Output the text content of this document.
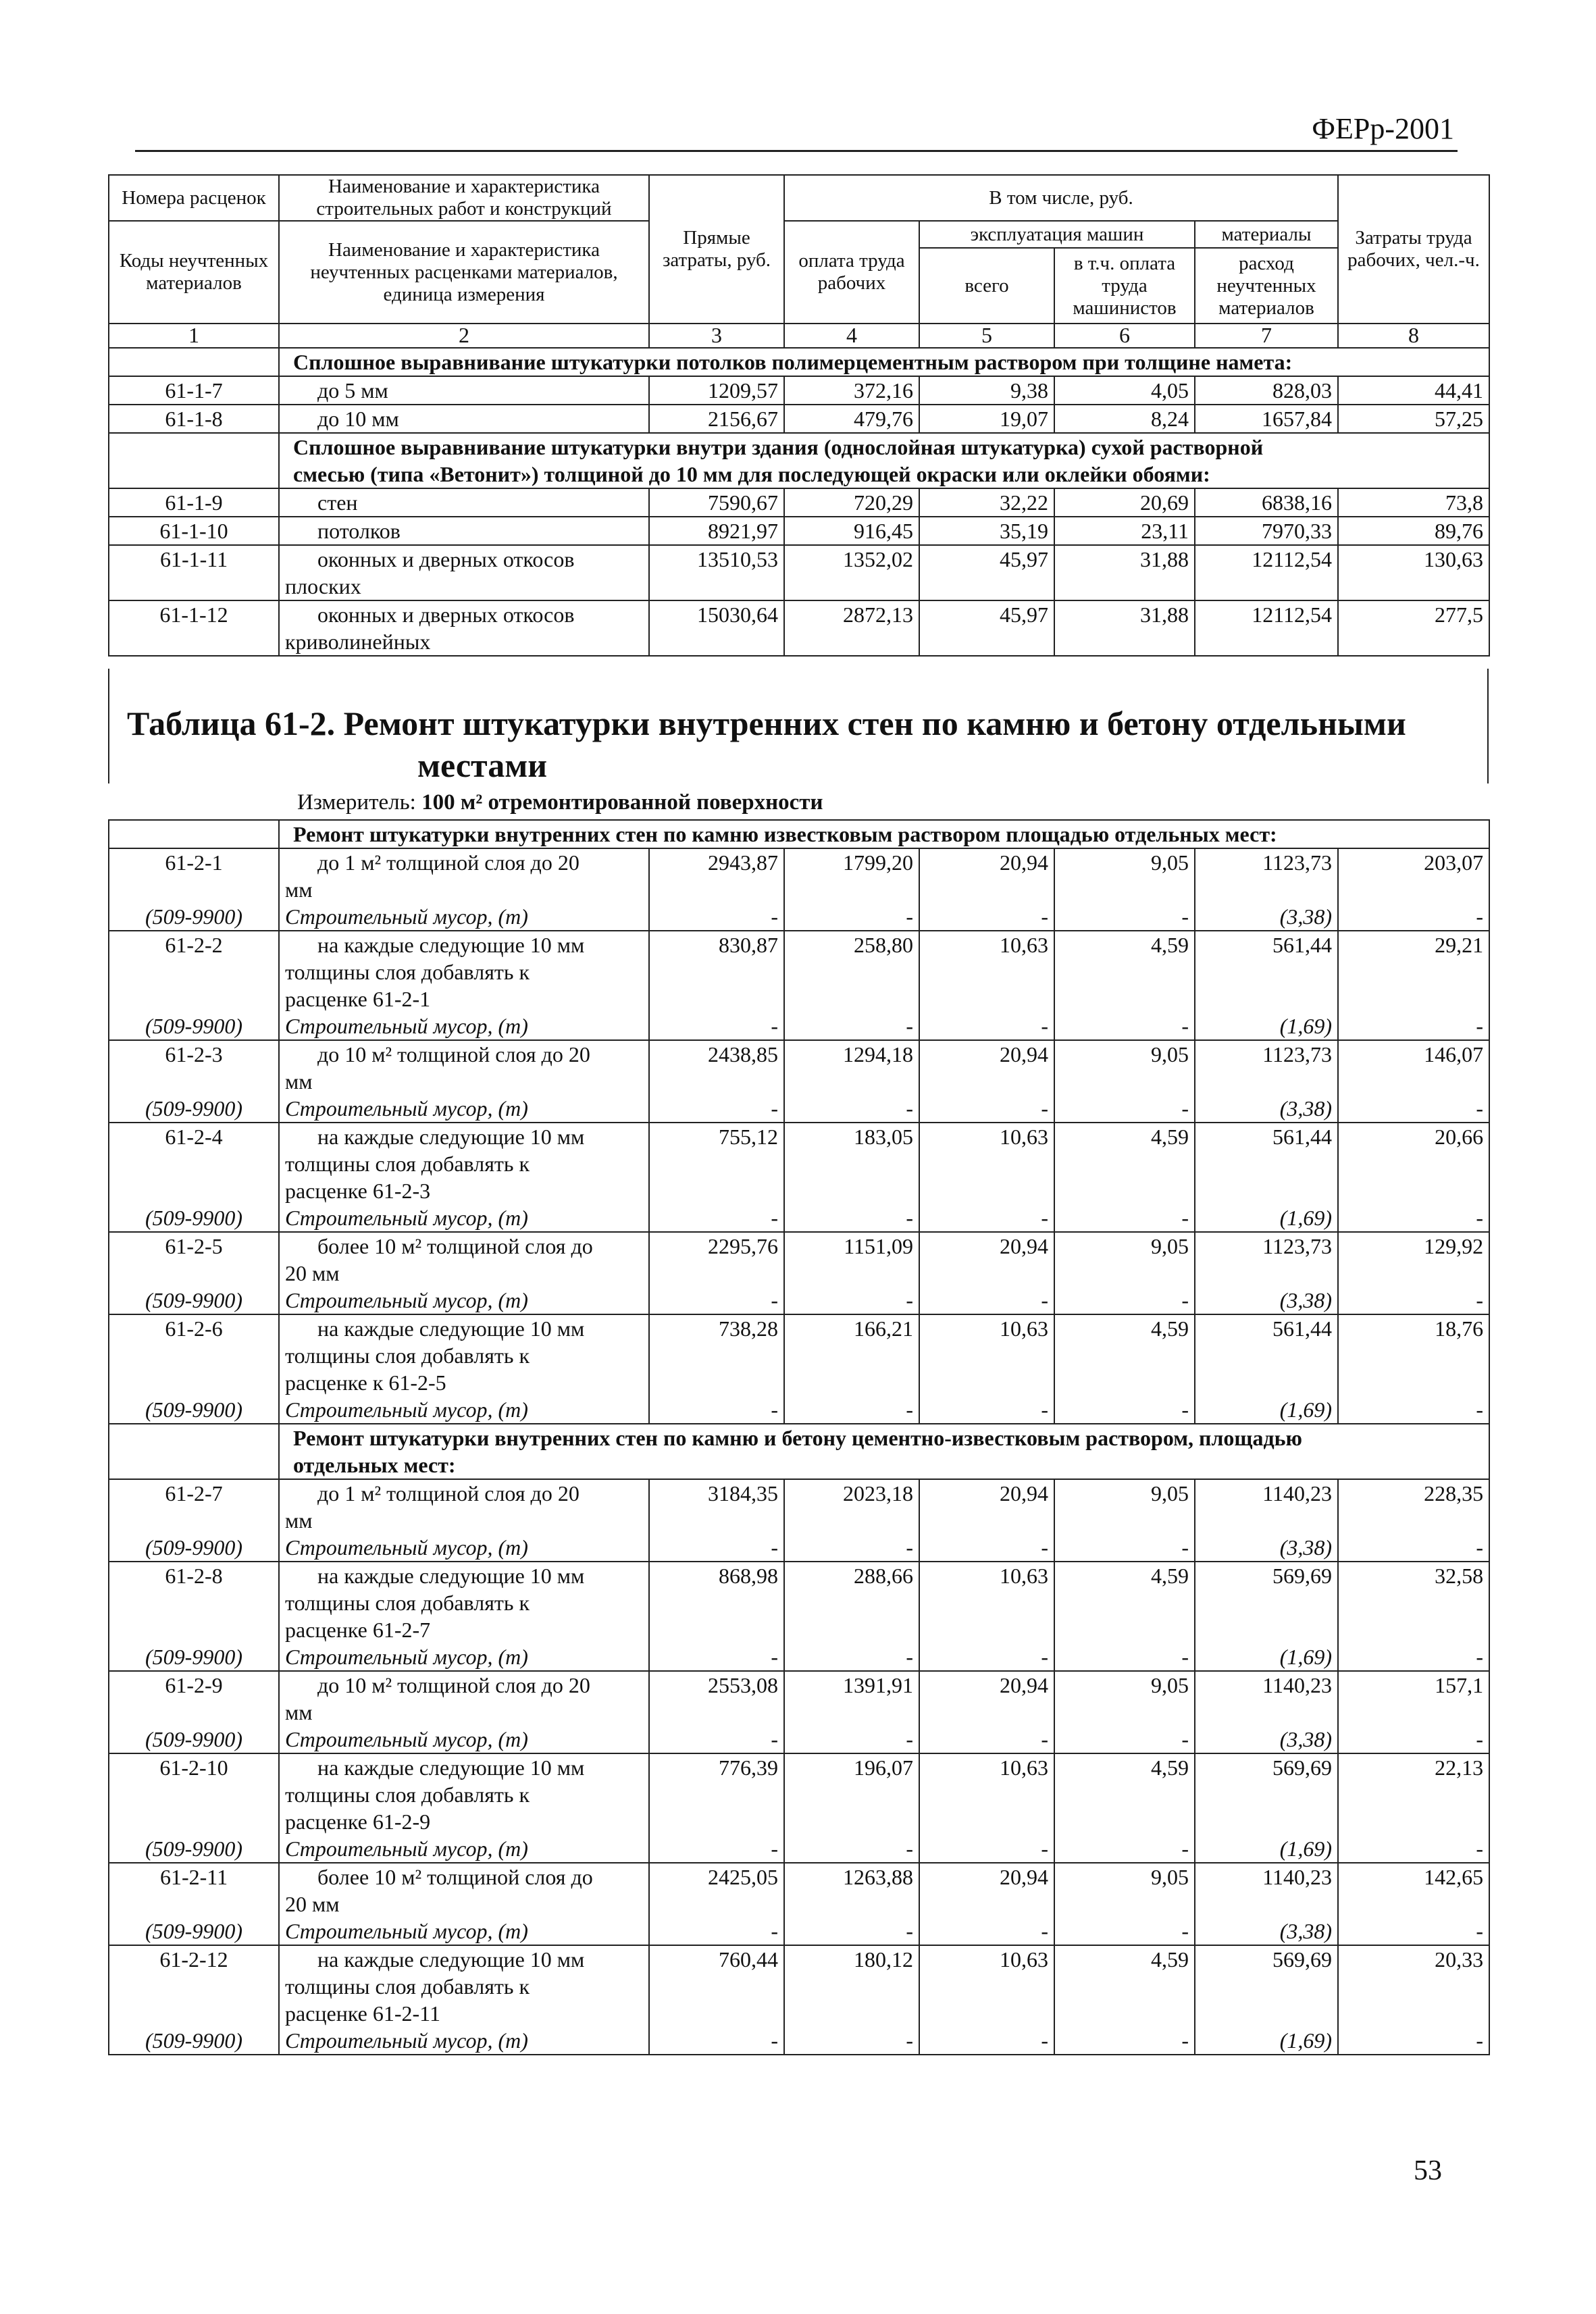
ФЕРр-2001
Номера расценок	Наименование и характеристика строительных работ и конструкций	Прямые затраты, руб.	В том числе, руб.				Затраты труда рабочих, чел.-ч.
Коды неучтенных материалов	Наименование и характеристика неучтенных расценками материалов, единица измерения		оплата труда рабочих	эксплуатация машин		материалы	
				всего	в т.ч. оплата труда машинистов	расход неучтенных материалов	
1	2	3	4	5	6	7	8
	Сплошное выравнивание штукатурки потолков полимерцементным раствором при толщине намета:						
61-1-7	до 5 мм	1209,57	372,16	9,38	4,05	828,03	44,41
61-1-8	до 10 мм	2156,67	479,76	19,07	8,24	1657,84	57,25

	Сплошное выравнивание штукатурки внутри здания (однослойная штукатурка) сухой растворной
смесью (типа «Ветонит») толщиной до 10 мм для последующей окраски или оклейки обоями:						

61-1-9	стен	7590,67	720,29	32,22	20,69	6838,16	73,8
61-1-10	потолков	8921,97	916,45	35,19	23,11	7970,33	89,76
61-1-11	оконных и дверных откосов
плоских	13510,53	1352,02	45,97	31,88	12112,54	130,63
61-1-12	оконных и дверных откосов
криволинейных	15030,64	2872,13	45,97	31,88	12112,54	277,5
Таблица 61-2. Ремонт штукатурки внутренних стен по камню и бетону отдельными
местами
Измеритель: 100 м² отремонтированной поверхности

	Ремонт штукатурки внутренних стен по камню известковым раствором площадью отдельных мест:						

61-2-1	до 1 м² толщиной слоя до 20
мм	2943,87	1799,20	20,94	9,05	1123,73	203,07
(509-9900)	Строительный мусор, (т)	-	-	-	-	(3,38)	-
61-2-2	на каждые следующие 10 мм
толщины слоя добавлять к
расценке 61-2-1	830,87	258,80	10,63	4,59	561,44	29,21
(509-9900)	Строительный мусор, (т)	-	-	-	-	(1,69)	-
61-2-3	до 10 м² толщиной слоя до 20
мм	2438,85	1294,18	20,94	9,05	1123,73	146,07
(509-9900)	Строительный мусор, (т)	-	-	-	-	(3,38)	-
61-2-4	на каждые следующие 10 мм
толщины слоя добавлять к
расценке 61-2-3	755,12	183,05	10,63	4,59	561,44	20,66
(509-9900)	Строительный мусор, (т)	-	-	-	-	(1,69)	-
61-2-5	более 10 м² толщиной слоя до
20 мм	2295,76	1151,09	20,94	9,05	1123,73	129,92
(509-9900)	Строительный мусор, (т)	-	-	-	-	(3,38)	-
61-2-6	на каждые следующие 10 мм
толщины слоя добавлять к
расценке к 61-2-5	738,28	166,21	10,63	4,59	561,44	18,76
(509-9900)	Строительный мусор, (т)	-	-	-	-	(1,69)	-

	Ремонт штукатурки внутренних стен по камню и бетону цементно-известковым раствором, площадью
отдельных мест:						

61-2-7	до 1 м² толщиной слоя до 20
мм	3184,35	2023,18	20,94	9,05	1140,23	228,35
(509-9900)	Строительный мусор, (т)	-	-	-	-	(3,38)	-
61-2-8	на каждые следующие 10 мм
толщины слоя добавлять к
расценке 61-2-7	868,98	288,66	10,63	4,59	569,69	32,58
(509-9900)	Строительный мусор, (т)	-	-	-	-	(1,69)	-
61-2-9	до 10 м² толщиной слоя до 20
мм	2553,08	1391,91	20,94	9,05	1140,23	157,1
(509-9900)	Строительный мусор, (т)	-	-	-	-	(3,38)	-
61-2-10	на каждые следующие 10 мм
толщины слоя добавлять к
расценке 61-2-9	776,39	196,07	10,63	4,59	569,69	22,13
(509-9900)	Строительный мусор, (т)	-	-	-	-	(1,69)	-
61-2-11	более 10 м² толщиной слоя до
20 мм	2425,05	1263,88	20,94	9,05	1140,23	142,65
(509-9900)	Строительный мусор, (т)	-	-	-	-	(3,38)	-
61-2-12	на каждые следующие 10 мм
толщины слоя добавлять к
расценке 61-2-11	760,44	180,12	10,63	4,59	569,69	20,33
(509-9900)	Строительный мусор, (т)	-	-	-	-	(1,69)	-
53
